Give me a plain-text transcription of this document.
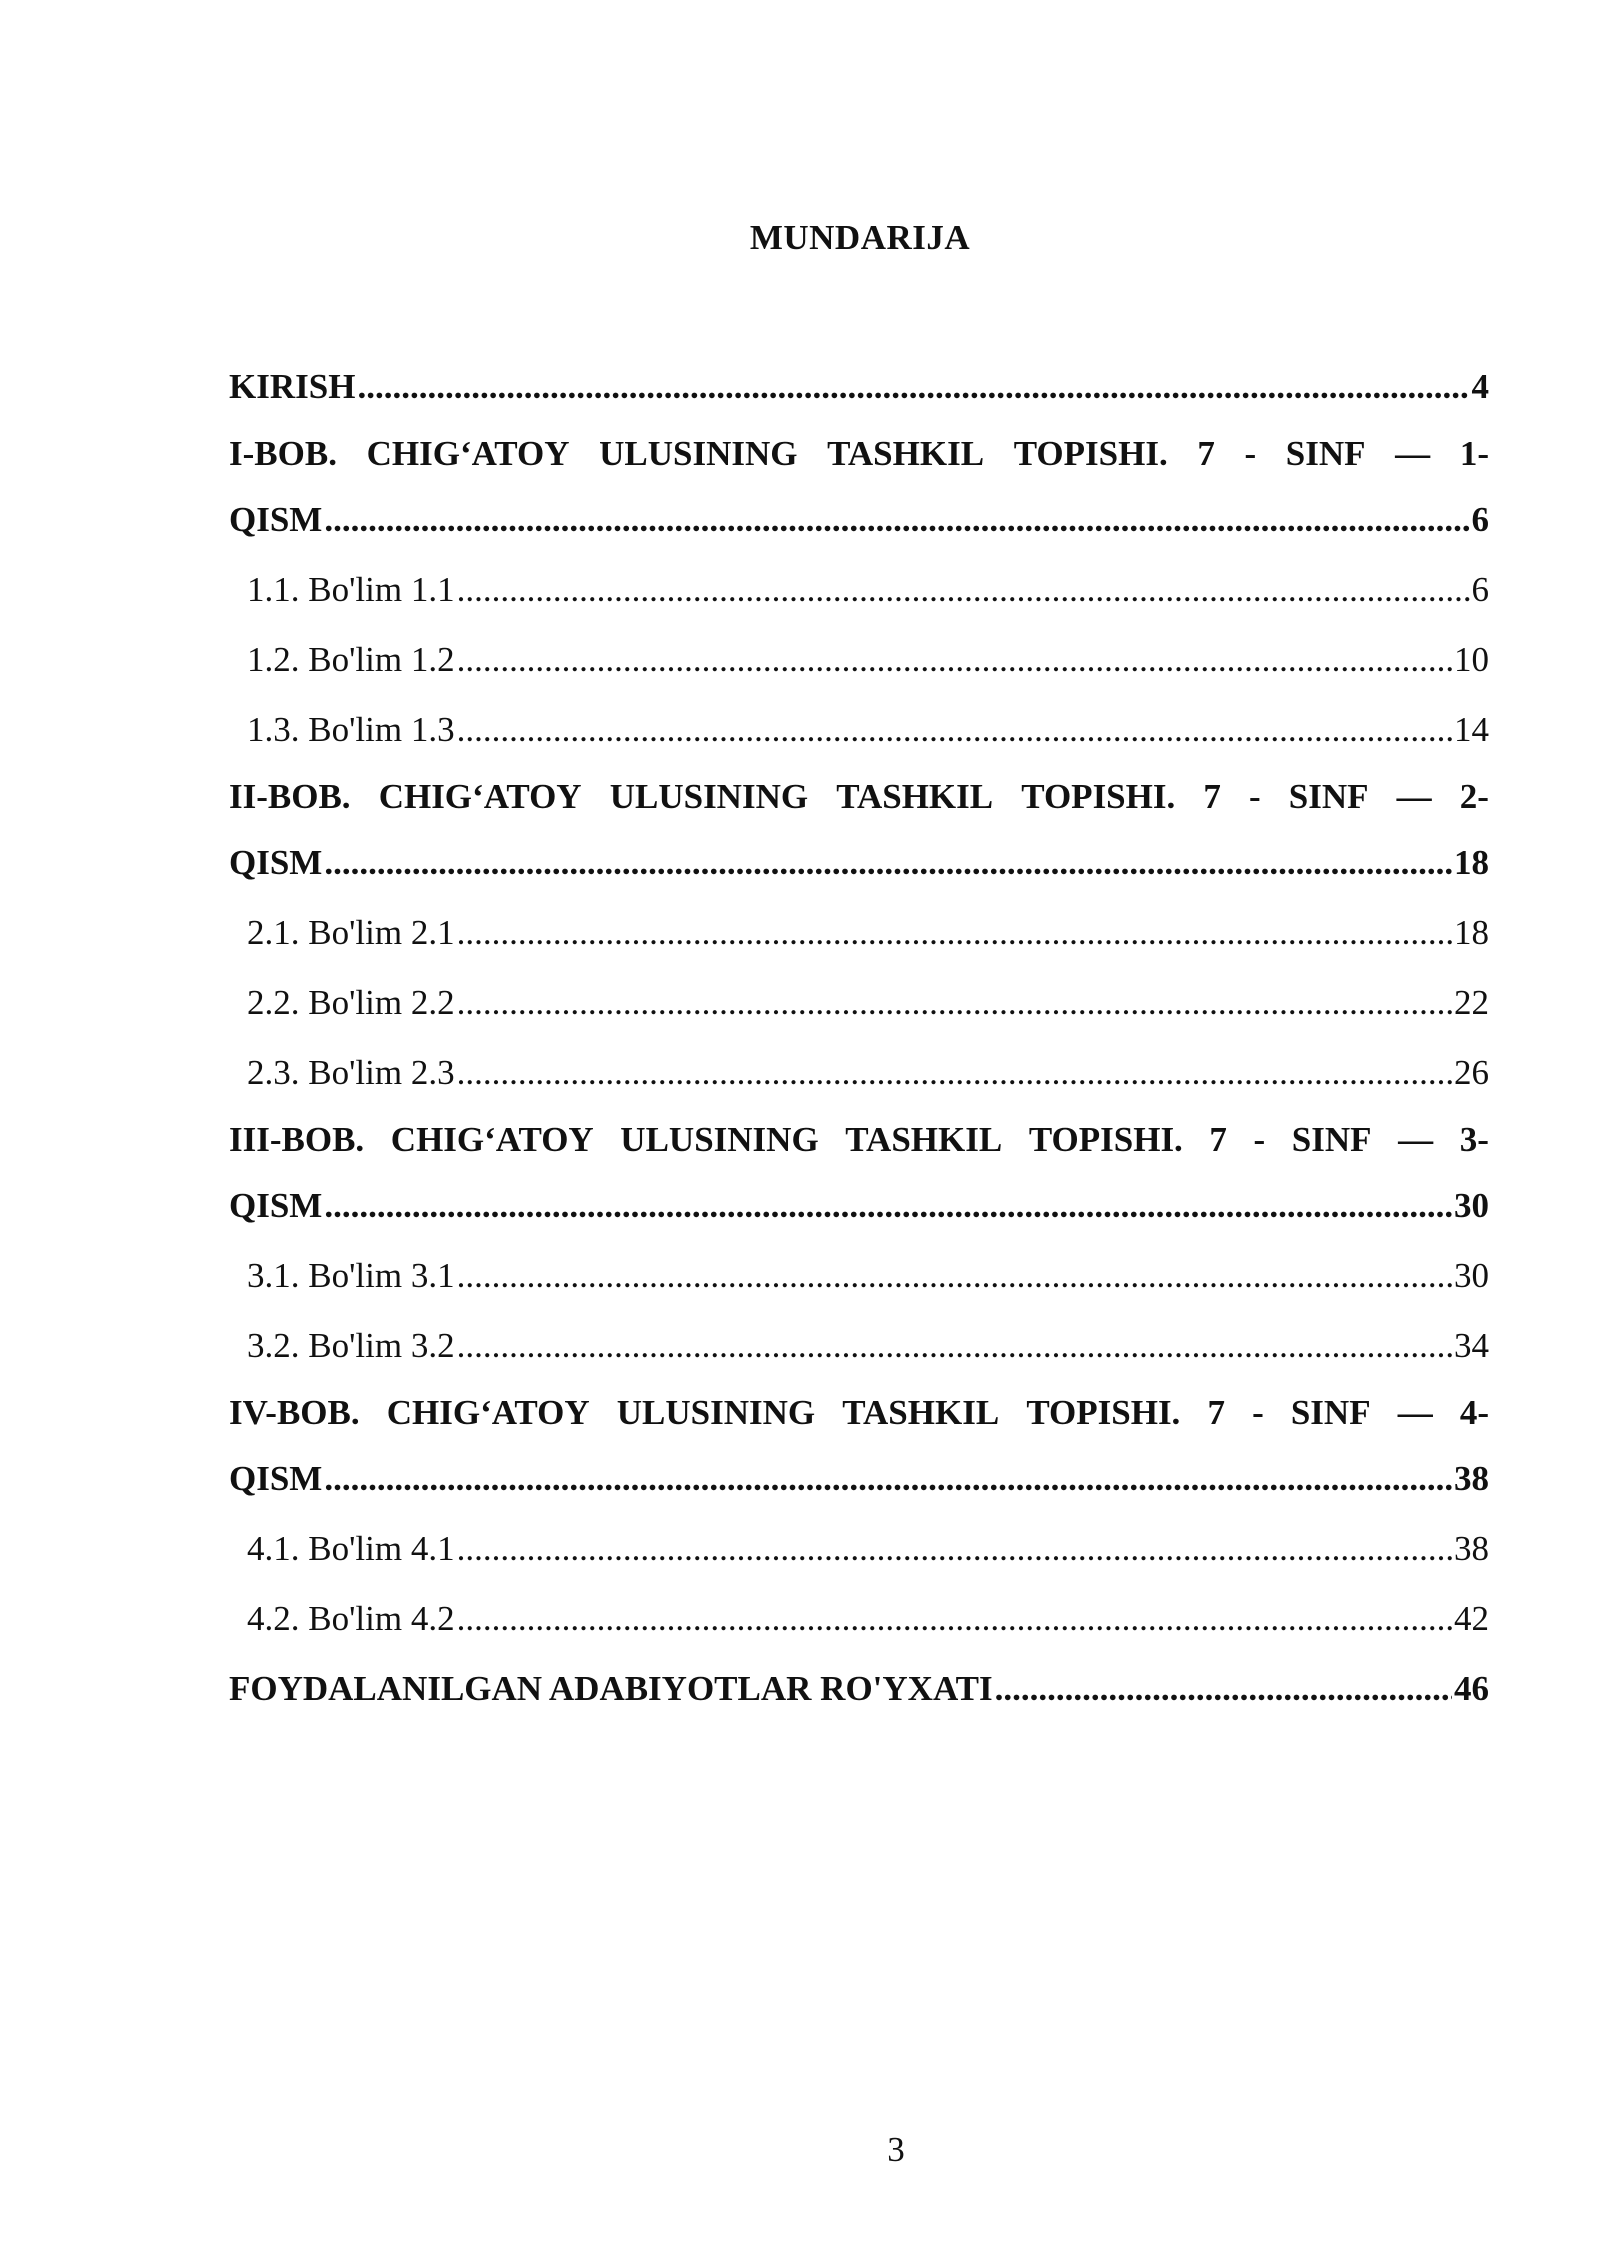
MUNDARIJA
KIRISH .....	4
I-BOB. CHIG‘ATOY ULUSINING TASHKIL TOPISHI. 7 - SINF — 1-
QISM .....	6
1.1. Bo'lim 1.1 .....	6
1.2. Bo'lim 1.2 .....	10
1.3. Bo'lim 1.3 .....	14
II-BOB. CHIG‘ATOY ULUSINING TASHKIL TOPISHI. 7 - SINF — 2-
QISM .....	18
2.1. Bo'lim 2.1 .....	18
2.2. Bo'lim 2.2 .....	22
2.3. Bo'lim 2.3 .....	26
III-BOB. CHIG‘ATOY ULUSINING TASHKIL TOPISHI. 7 - SINF — 3-
QISM .....	30
3.1. Bo'lim 3.1 .....	30
3.2. Bo'lim 3.2 .....	34
IV-BOB. CHIG‘ATOY ULUSINING TASHKIL TOPISHI. 7 - SINF — 4-
QISM .....	38
4.1. Bo'lim 4.1 .....	38
4.2. Bo'lim 4.2 .....	42
FOYDALANILGAN ADABIYOTLAR RO'YXATI .....	46
3
